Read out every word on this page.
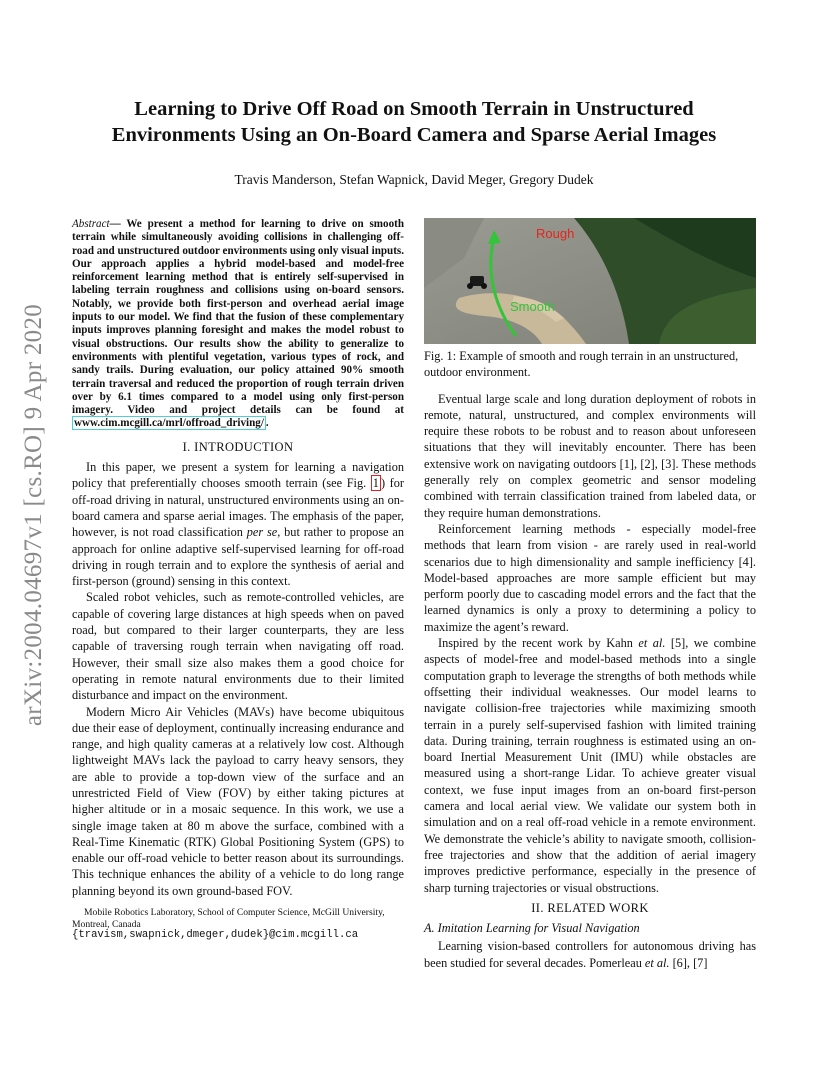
arXiv:2004.04697v1 [cs.RO] 9 Apr 2020
Learning to Drive Off Road on Smooth Terrain in Unstructured
Environments Using an On-Board Camera and Sparse Aerial Images
Travis Manderson, Stefan Wapnick, David Meger, Gregory Dudek
Abstract— We present a method for learning to drive on smooth terrain while simultaneously avoiding collisions in challenging off-road and unstructured outdoor environments using only visual inputs. Our approach applies a hybrid model-based and model-free reinforcement learning method that is entirely self-supervised in labeling terrain roughness and collisions using on-board sensors. Notably, we provide both first-person and overhead aerial image inputs to our model. We find that the fusion of these complementary inputs improves planning foresight and makes the model robust to visual obstructions. Our results show the ability to generalize to environments with plentiful vegetation, various types of rock, and sandy trails. During evaluation, our policy attained 90% smooth terrain traversal and reduced the proportion of rough terrain driven over by 6.1 times compared to a model using only first-person imagery. Video and project details can be found at www.cim.mcgill.ca/mrl/offroad_driving/ .
I. INTRODUCTION

In this paper, we present a system for learning a navigation policy that preferentially chooses smooth terrain (see Fig. 1 ) for off-road driving in natural, unstructured environments using an on-board camera and sparse aerial images. The emphasis of the paper, however, is not road classification per se, but rather to propose an approach for online adaptive self-supervised learning for off-road driving in rough terrain and to explore the synthesis of aerial and first-person (ground) sensing in this context.

Scaled robot vehicles, such as remote-controlled vehicles, are capable of covering large distances at high speeds when on paved road, but compared to their larger counterparts, they are less capable of traversing rough terrain when navigating off road. However, their small size also makes them a good choice for operating in remote natural environments due to their limited disturbance and impact on the environment.

Modern Micro Air Vehicles (MAVs) have become ubiquitous due their ease of deployment, continually increasing endurance and range, and high quality cameras at a relatively low cost. Although lightweight MAVs lack the payload to carry heavy sensors, they are able to provide a top-down view of the surface and an unrestricted Field of View (FOV) by either taking pictures at higher altitude or in a mosaic sequence. In this work, we use a single image taken at 80 m above the surface, combined with a Real-Time Kinematic (RTK) Global Positioning System (GPS) to enable our off-road vehicle to better reason about its surroundings. This technique enhances the ability of a vehicle to do long range planning beyond its own ground-based FOV.

Mobile Robotics Laboratory, School of Computer Science, McGill University, Montreal, Canada
{travism,swapnick,dmeger,dudek}@cim.mcgill.ca
Rough
Smooth

Fig. 1: Example of smooth and rough terrain in an unstructured, outdoor environment.

Eventual large scale and long duration deployment of robots in remote, natural, unstructured, and complex environments will require these robots to be robust and to reason about unforeseen situations that they will inevitably encounter. There has been extensive work on navigating outdoors [1], [2], [3]. These methods generally rely on complex geometric and sensor modeling combined with terrain classification trained from labeled data, or they require human demonstrations.

Reinforcement learning methods - especially model-free methods that learn from vision - are rarely used in real-world scenarios due to high dimensionality and sample inefficiency [4]. Model-based approaches are more sample efficient but may perform poorly due to cascading model errors and the fact that the learned dynamics is only a proxy to determining a policy to maximize the agent’s reward.

Inspired by the recent work by Kahn et al. [5], we combine aspects of model-free and model-based methods into a single computation graph to leverage the strengths of both methods while offsetting their individual weaknesses. Our model learns to navigate collision-free trajectories while maximizing smooth terrain in a purely self-supervised fashion with limited training data. During training, terrain roughness is estimated using an on-board Inertial Measurement Unit (IMU) while obstacles are measured using a short-range Lidar. To achieve greater visual context, we fuse input images from an on-board first-person camera and local aerial view. We validate our system both in simulation and on a real off-road vehicle in a remote environment. We demonstrate the vehicle’s ability to navigate smooth, collision-free trajectories and show that the addition of aerial imagery improves predictive performance, especially in the presence of sharp turning trajectories or visual obstructions.

II. RELATED WORK
A. Imitation Learning for Visual Navigation

Learning vision-based controllers for autonomous driving has been studied for several decades. Pomerleau et al. [6], [7]
